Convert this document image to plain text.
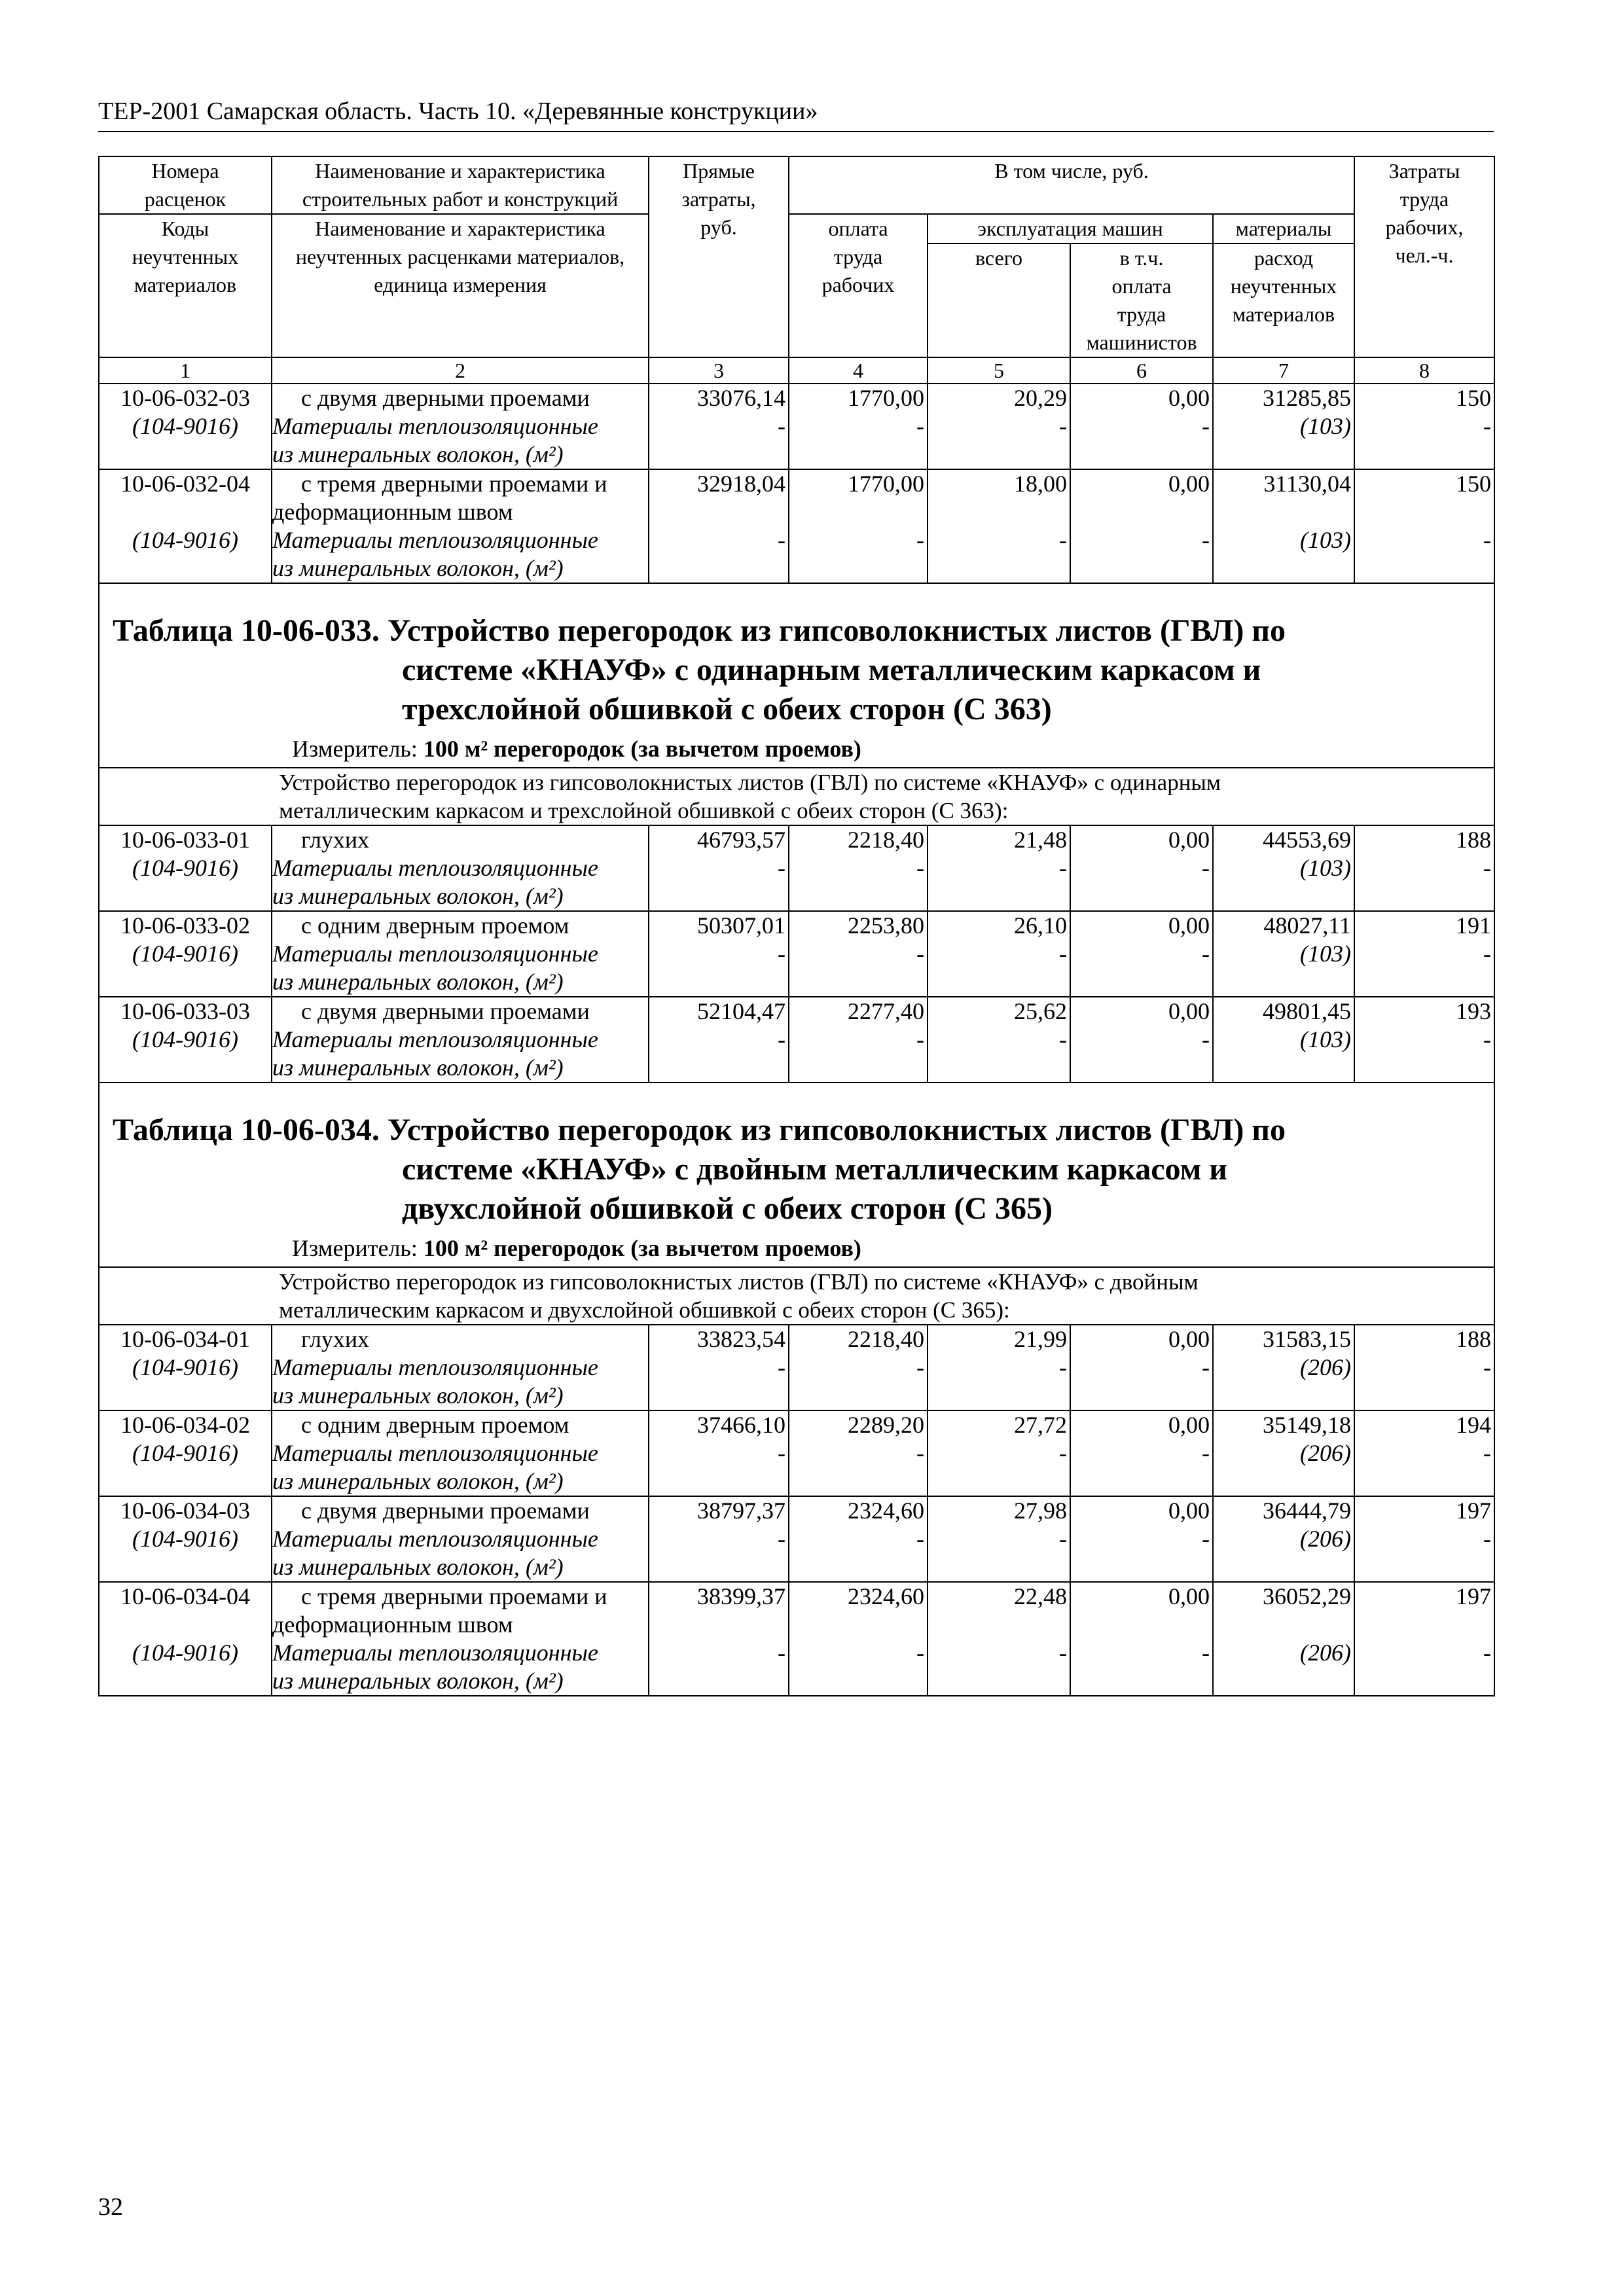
ТЕР-2001 Самарская область. Часть 10. «Деревянные конструкции»
Номера
расценок	Наименование и характеристика
строительных работ и конструкций	Прямые
затраты,
руб.	В том числе, руб.				Затраты
труда
рабочих,
чел.-ч.
Коды
неучтенных
материалов	Наименование и характеристика
неучтенных расценками материалов,
единица измерения		оплата
труда
рабочих	эксплуатация машин		материалы	
				всего	в т.ч.
оплата
труда
машинистов	расход
неучтенных
материалов	
1	2	3	4	5	6	7	8
10-06-032-03	с двумя дверными проемами	33076,14	1770,00	20,29	0,00	31285,85	150
(104-9016)	Материалы теплоизоляционные
из минеральных волокон, (м²)	-	-	-	-	(103)	-
10-06-032-04	с тремя дверными проемами и
деформационным швом	32918,04	1770,00	18,00	0,00	31130,04	150
(104-9016)	Материалы теплоизоляционные
из минеральных волокон, (м²)	-	-	-	-	(103)	-

Таблица 10-06-033. Устройство перегородок из гипсоволокнистых листов (ГВЛ) по
системе «КНАУФ» с одинарным металлическим каркасом и
трехслойной обшивкой с обеих сторон (С 363)
Измеритель: 100 м² перегородок (за вычетом проемов)							

Устройство перегородок из гипсоволокнистых листов (ГВЛ) по системе «КНАУФ» с одинарным
металлическим каркасом и трехслойной обшивкой с обеих сторон (С 363):							

10-06-033-01	глухих	46793,57	2218,40	21,48	0,00	44553,69	188
(104-9016)	Материалы теплоизоляционные
из минеральных волокон, (м²)	-	-	-	-	(103)	-
10-06-033-02	с одним дверным проемом	50307,01	2253,80	26,10	0,00	48027,11	191
(104-9016)	Материалы теплоизоляционные
из минеральных волокон, (м²)	-	-	-	-	(103)	-
10-06-033-03	с двумя дверными проемами	52104,47	2277,40	25,62	0,00	49801,45	193
(104-9016)	Материалы теплоизоляционные
из минеральных волокон, (м²)	-	-	-	-	(103)	-

Таблица 10-06-034. Устройство перегородок из гипсоволокнистых листов (ГВЛ) по
системе «КНАУФ» с двойным металлическим каркасом и
двухслойной обшивкой с обеих сторон (С 365)
Измеритель: 100 м² перегородок (за вычетом проемов)							

Устройство перегородок из гипсоволокнистых листов (ГВЛ) по системе «КНАУФ» с двойным
металлическим каркасом и двухслойной обшивкой с обеих сторон (С 365):							

10-06-034-01	глухих	33823,54	2218,40	21,99	0,00	31583,15	188
(104-9016)	Материалы теплоизоляционные
из минеральных волокон, (м²)	-	-	-	-	(206)	-
10-06-034-02	с одним дверным проемом	37466,10	2289,20	27,72	0,00	35149,18	194
(104-9016)	Материалы теплоизоляционные
из минеральных волокон, (м²)	-	-	-	-	(206)	-
10-06-034-03	с двумя дверными проемами	38797,37	2324,60	27,98	0,00	36444,79	197
(104-9016)	Материалы теплоизоляционные
из минеральных волокон, (м²)	-	-	-	-	(206)	-
10-06-034-04	с тремя дверными проемами и
деформационным швом	38399,37	2324,60	22,48	0,00	36052,29	197
(104-9016)	Материалы теплоизоляционные
из минеральных волокон, (м²)	-	-	-	-	(206)	-
32
